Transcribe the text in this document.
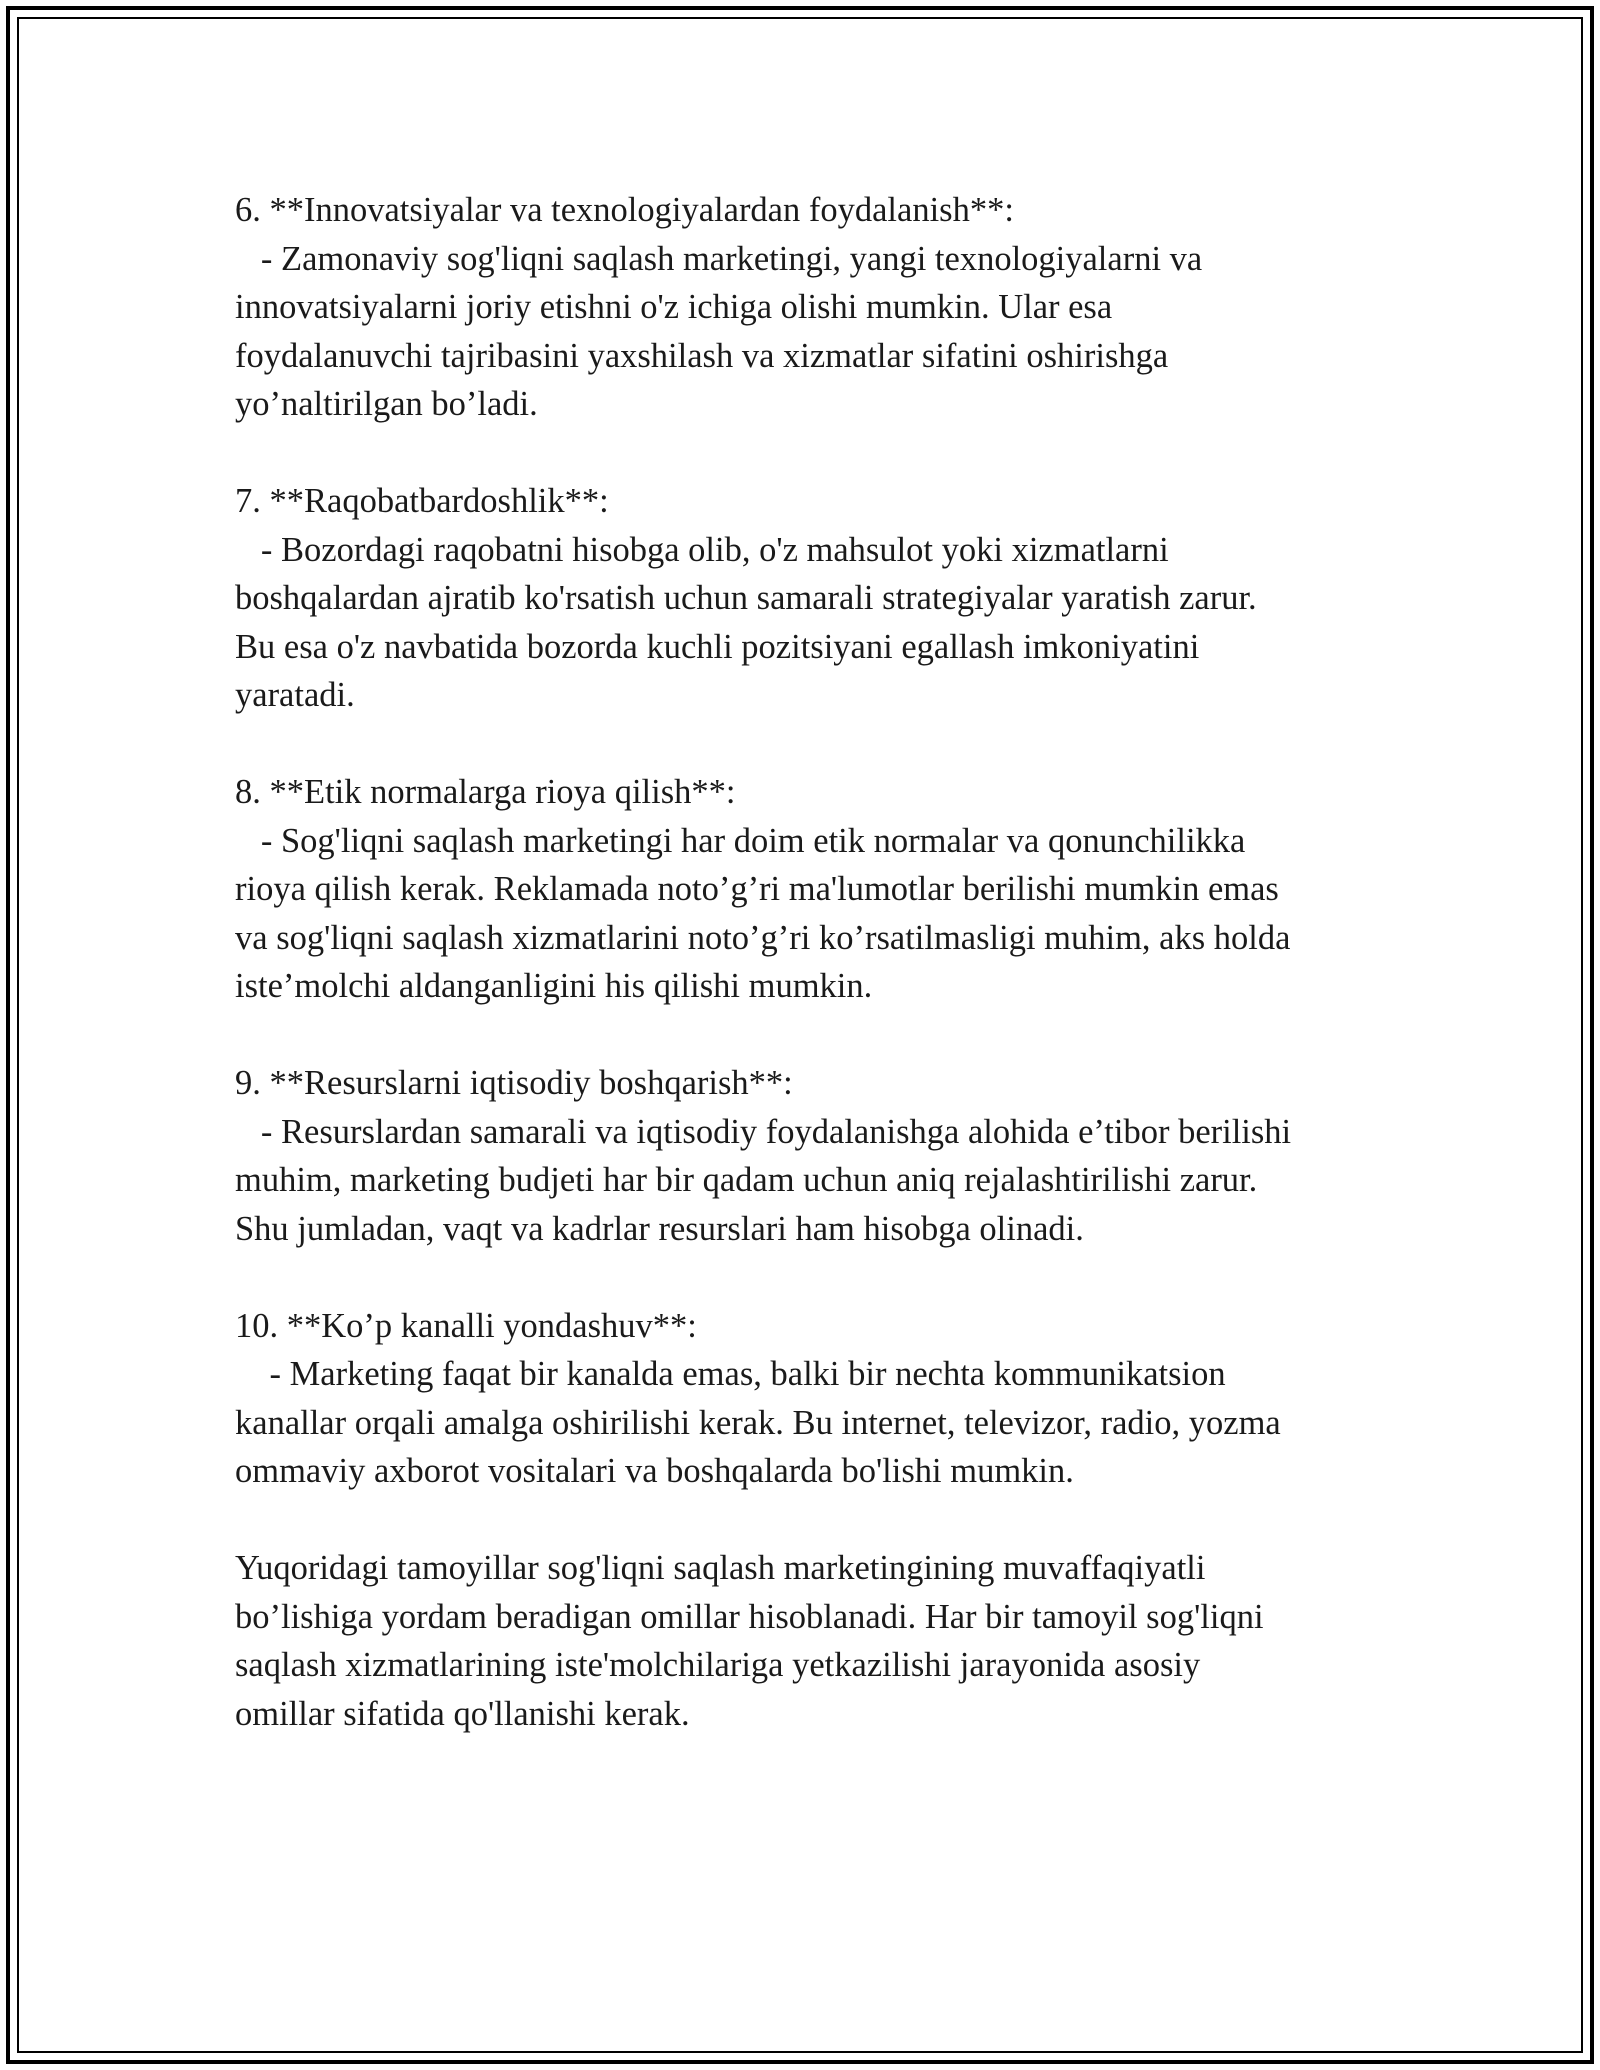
6. **Innovatsiyalar va texnologiyalardan foydalanish**:
- Zamonaviy sog'liqni saqlash marketingi, yangi texnologiyalarni va
innovatsiyalarni joriy etishni o'z ichiga olishi mumkin. Ular esa
foydalanuvchi tajribasini yaxshilash va xizmatlar sifatini oshirishga
yo’naltirilgan bo’ladi.
7. **Raqobatbardoshlik**:
- Bozordagi raqobatni hisobga olib, o'z mahsulot yoki xizmatlarni
boshqalardan ajratib ko'rsatish uchun samarali strategiyalar yaratish zarur.
Bu esa o'z navbatida bozorda kuchli pozitsiyani egallash imkoniyatini
yaratadi.
8. **Etik normalarga rioya qilish**:
- Sog'liqni saqlash marketingi har doim etik normalar va qonunchilikka
rioya qilish kerak. Reklamada noto’g’ri ma'lumotlar berilishi mumkin emas
va sog'liqni saqlash xizmatlarini noto’g’ri ko’rsatilmasligi muhim, aks holda
iste’molchi aldanganligini his qilishi mumkin.
9. **Resurslarni iqtisodiy boshqarish**:
- Resurslardan samarali va iqtisodiy foydalanishga alohida e’tibor berilishi
muhim, marketing budjeti har bir qadam uchun aniq rejalashtirilishi zarur.
Shu jumladan, vaqt va kadrlar resurslari ham hisobga olinadi.
10. **Ko’p kanalli yondashuv**:
- Marketing faqat bir kanalda emas, balki bir nechta kommunikatsion
kanallar orqali amalga oshirilishi kerak. Bu internet, televizor, radio, yozma
ommaviy axborot vositalari va boshqalarda bo'lishi mumkin.
Yuqoridagi tamoyillar sog'liqni saqlash marketingining muvaffaqiyatli
bo’lishiga yordam beradigan omillar hisoblanadi. Har bir tamoyil sog'liqni
saqlash xizmatlarining iste'molchilariga yetkazilishi jarayonida asosiy
omillar sifatida qo'llanishi kerak.
